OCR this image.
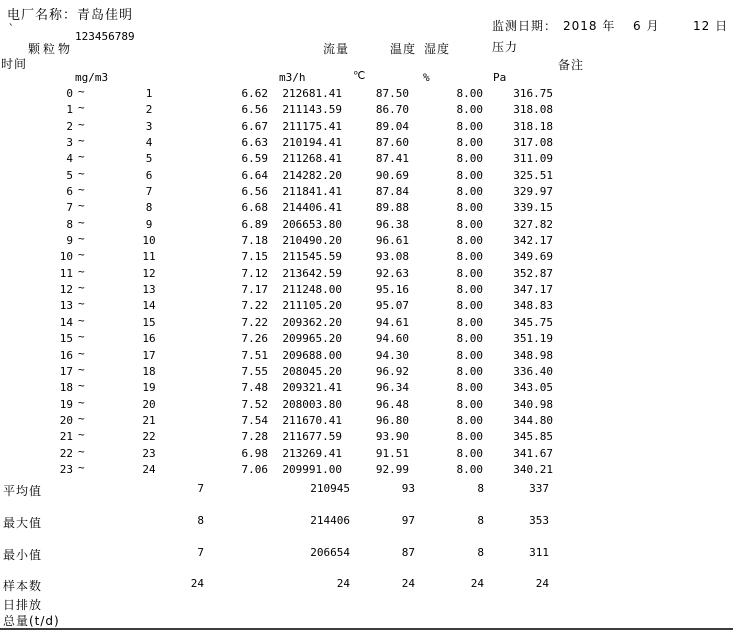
电厂名称：青岛佳明
监测日期： 2018 年 6 月	12 日
`
123456789
颗粒物	流量	温度 湿度	压力
时间	备注
mg/m3	m3/h	℃	%	Pa
0 ~	1	6.62	212681.41	87.50	8.00	316.75
1 ~	2	6.56	211143.59	86.70	8.00	318.08
2 ~	3	6.67	211175.41	89.04	8.00	318.18
3 ~	4	6.63	210194.41	87.60	8.00	317.08
4 ~	5	6.59	211268.41	87.41	8.00	311.09
5 ~	6	6.64	214282.20	90.69	8.00	325.51
6 ~	7	6.56	211841.41	87.84	8.00	329.97
7 ~	8	6.68	214406.41	89.88	8.00	339.15
8 ~	9	6.89	206653.80	96.38	8.00	327.82
9 ~	10	7.18	210490.20	96.61	8.00	342.17
10 ~	11	7.15	211545.59	93.08	8.00	349.69
11 ~	12	7.12	213642.59	92.63	8.00	352.87
12 ~	13	7.17	211248.00	95.16	8.00	347.17
13 ~	14	7.22	211105.20	95.07	8.00	348.83
14 ~	15	7.22	209362.20	94.61	8.00	345.75
15 ~	16	7.26	209965.20	94.60	8.00	351.19
16 ~	17	7.51	209688.00	94.30	8.00	348.98
17 ~	18	7.55	208045.20	96.92	8.00	336.40
18 ~	19	7.48	209321.41	96.34	8.00	343.05
19 ~	20	7.52	208003.80	96.48	8.00	340.98
20 ~	21	7.54	211670.41	96.80	8.00	344.80
21 ~	22	7.28	211677.59	93.90	8.00	345.85
22 ~	23	6.98	213269.41	91.51	8.00	341.67
23 ~	24	7.06	209991.00	92.99	8.00	340.21
平均值	7	210945	93	8	337
最大值	8	214406	97	8	353
最小值	7	206654	87	8	311
样本数	24	24	24	24	24
日排放
总量(t/d)
